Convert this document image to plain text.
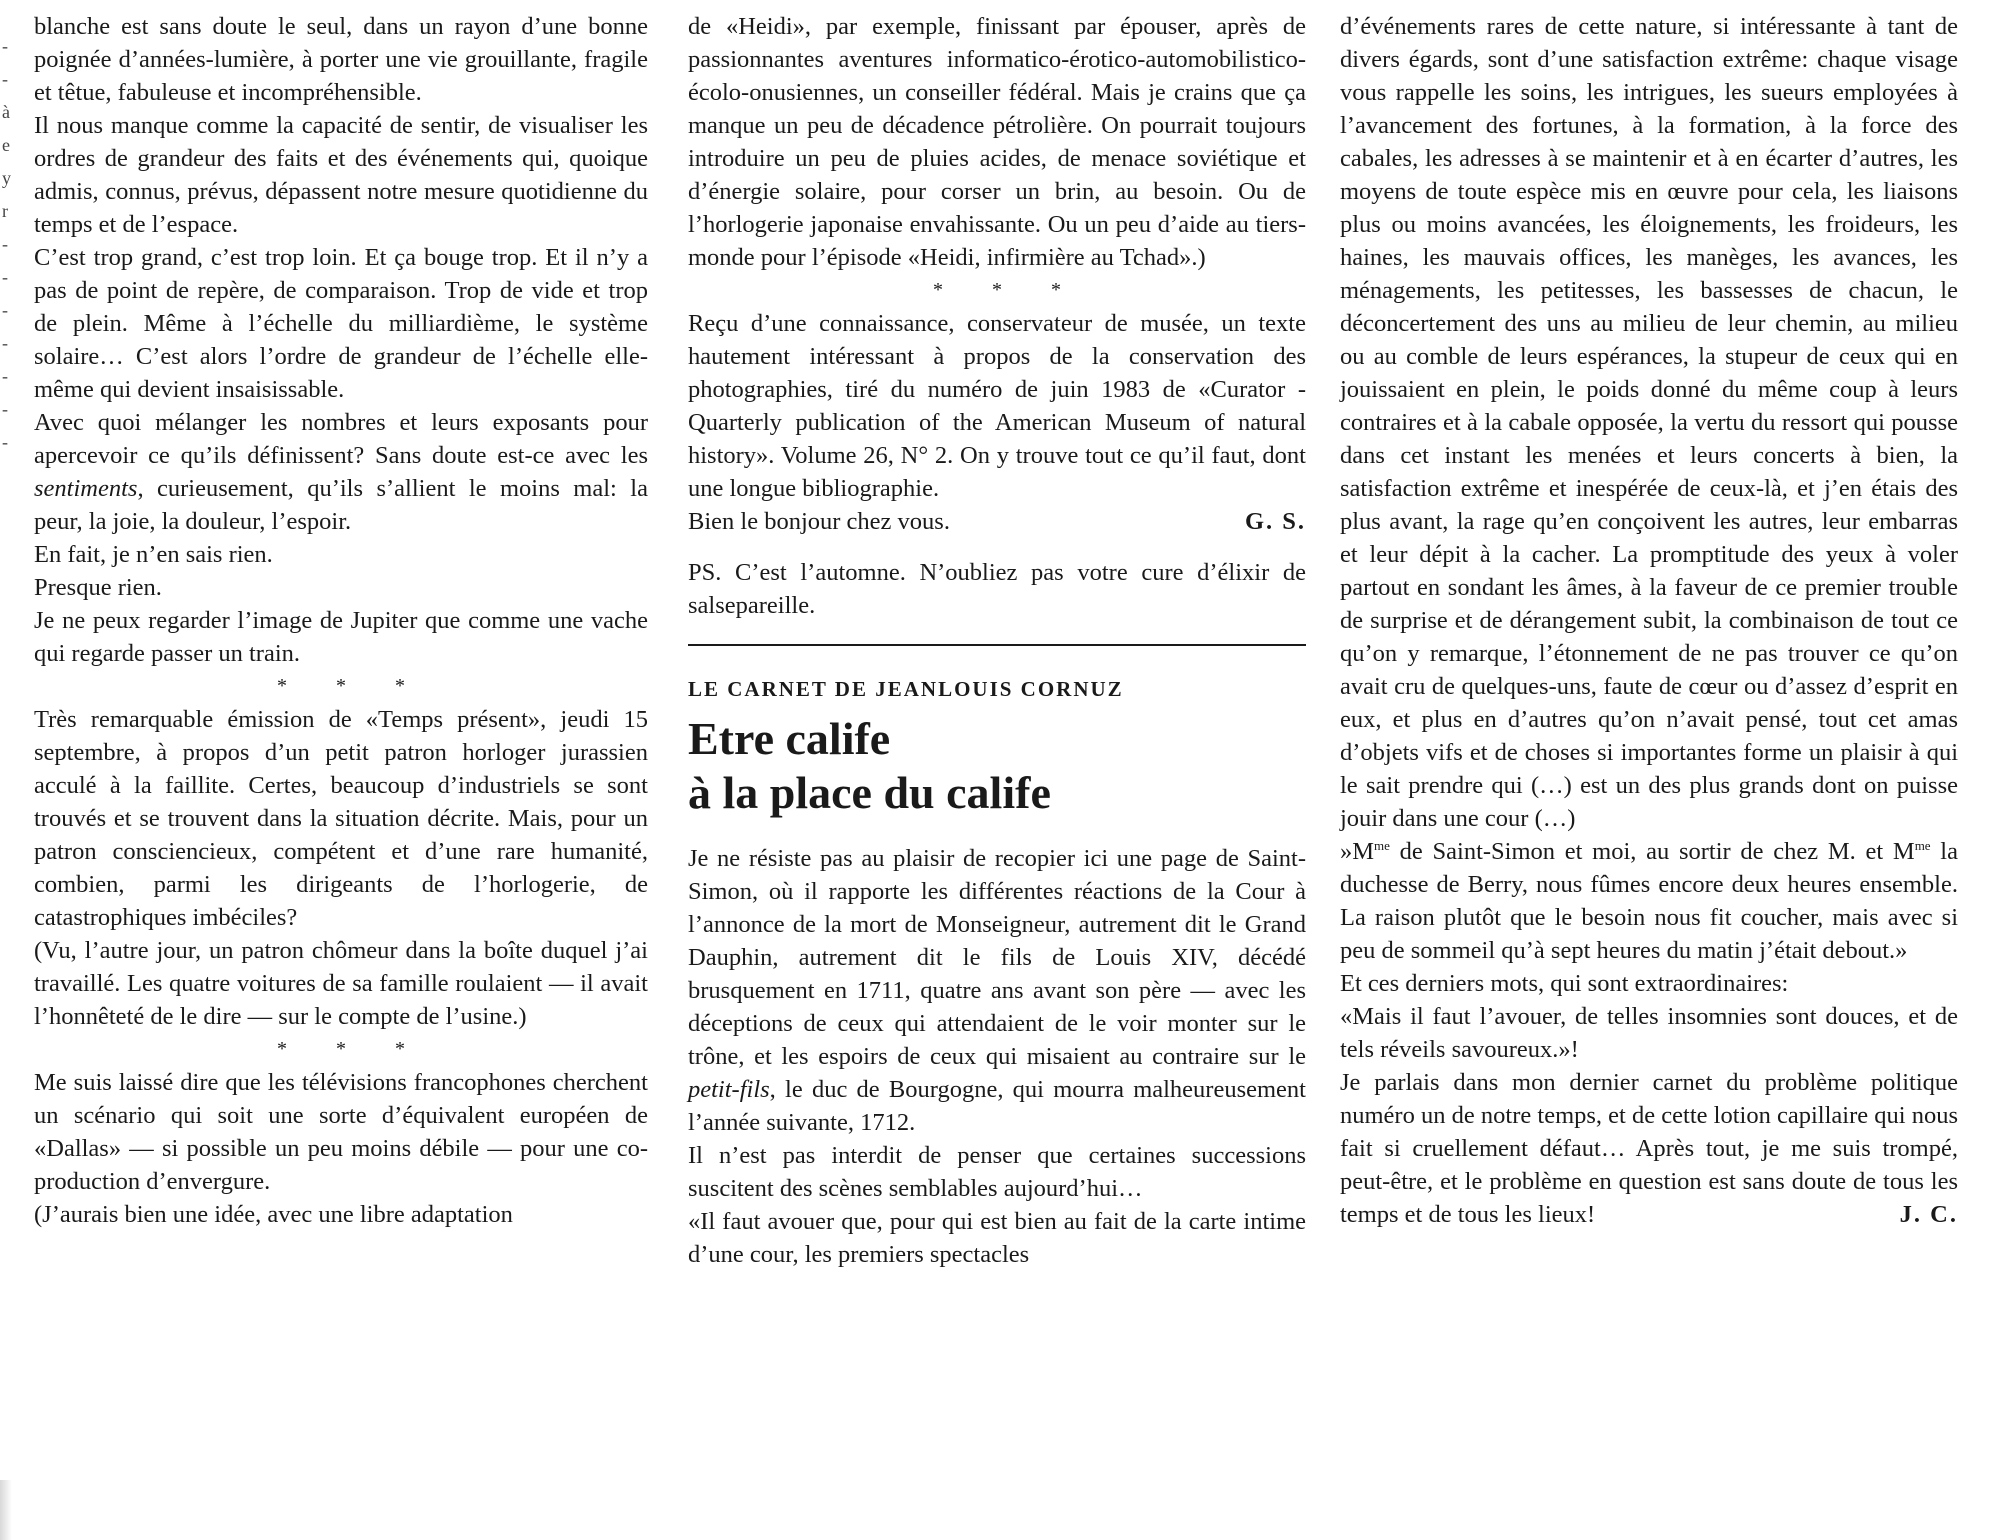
-
-
à
e
y
r
-
-
-
-
-
-
-

blanche est sans doute le seul, dans un rayon d’une bonne poignée d’années-lumière, à porter une vie grouillante, fragile et têtue, fabuleuse et incompréhensible.

Il nous manque comme la capacité de sentir, de visualiser les ordres de grandeur des faits et des événements qui, quoique admis, connus, prévus, dépassent notre mesure quotidienne du temps et de l’espace.

C’est trop grand, c’est trop loin. Et ça bouge trop. Et il n’y a pas de point de repère, de comparaison. Trop de vide et trop de plein. Même à l’échelle du milliardième, le système solaire… C’est alors l’ordre de grandeur de l’échelle elle-même qui devient insaisissable.

Avec quoi mélanger les nombres et leurs exposants pour apercevoir ce qu’ils définissent? Sans doute est-ce avec les sentiments, curieusement, qu’ils s’allient le moins mal: la peur, la joie, la douleur, l’espoir.

En fait, je n’en sais rien.

Presque rien.

Je ne peux regarder l’image de Jupiter que comme une vache qui regarde passer un train.

* * *

Très remarquable émission de «Temps présent», jeudi 15 septembre, à propos d’un petit patron horloger jurassien acculé à la faillite. Certes, beaucoup d’industriels se sont trouvés et se trouvent dans la situation décrite. Mais, pour un patron consciencieux, compétent et d’une rare humanité, combien, parmi les dirigeants de l’horlogerie, de catastrophiques imbéciles?

(Vu, l’autre jour, un patron chômeur dans la boîte duquel j’ai travaillé. Les quatre voitures de sa famille roulaient — il avait l’honnêteté de le dire — sur le compte de l’usine.)

* * *

Me suis laissé dire que les télévisions francophones cherchent un scénario qui soit une sorte d’équivalent européen de «Dallas» — si possible un peu moins débile — pour une co-production d’envergure.

(J’aurais bien une idée, avec une libre adaptation

de «Heidi», par exemple, finissant par épouser, après de passionnantes aventures informatico-érotico-automobilistico-écolo-onusiennes, un conseiller fédéral. Mais je crains que ça manque un peu de décadence pétrolière. On pourrait toujours introduire un peu de pluies acides, de menace soviétique et d’énergie solaire, pour corser un brin, au besoin. Ou de l’horlogerie japonaise envahissante. Ou un peu d’aide au tiers-monde pour l’épisode «Heidi, infirmière au Tchad».)

* * *

Reçu d’une connaissance, conservateur de musée, un texte hautement intéressant à propos de la conservation des photographies, tiré du numéro de juin 1983 de «Curator - Quarterly publication of the American Museum of natural history». Volume 26, N° 2. On y trouve tout ce qu’il faut, dont une longue bibliographie.

Bien le bonjour chez vous.	G. S.

PS. C’est l’automne. N’oubliez pas votre cure d’élixir de salsepareille.

LE CARNET DE JEANLOUIS CORNUZ
Etre calife
à la place du calife

Je ne résiste pas au plaisir de recopier ici une page de Saint-Simon, où il rapporte les différentes réactions de la Cour à l’annonce de la mort de Monseigneur, autrement dit le Grand Dauphin, autrement dit le fils de Louis XIV, décédé brusquement en 1711, quatre ans avant son père — avec les déceptions de ceux qui attendaient de le voir monter sur le trône, et les espoirs de ceux qui misaient au contraire sur le petit-fils, le duc de Bourgogne, qui mourra malheureusement l’année suivante, 1712.

Il n’est pas interdit de penser que certaines successions suscitent des scènes semblables aujourd’hui…

«Il faut avouer que, pour qui est bien au fait de la carte intime d’une cour, les premiers spectacles

d’événements rares de cette nature, si intéressante à tant de divers égards, sont d’une satisfaction extrême: chaque visage vous rappelle les soins, les intrigues, les sueurs employées à l’avancement des fortunes, à la formation, à la force des cabales, les adresses à se maintenir et à en écarter d’autres, les moyens de toute espèce mis en œuvre pour cela, les liaisons plus ou moins avancées, les éloignements, les froideurs, les haines, les mauvais offices, les manèges, les avances, les ménagements, les petitesses, les bassesses de chacun, le déconcertement des uns au milieu de leur chemin, au milieu ou au comble de leurs espérances, la stupeur de ceux qui en jouissaient en plein, le poids donné du même coup à leurs contraires et à la cabale opposée, la vertu du ressort qui pousse dans cet instant les menées et leurs concerts à bien, la satisfaction extrême et inespérée de ceux-là, et j’en étais des plus avant, la rage qu’en conçoivent les autres, leur embarras et leur dépit à la cacher. La promptitude des yeux à voler partout en sondant les âmes, à la faveur de ce premier trouble de surprise et de dérangement subit, la combinaison de tout ce qu’on y remarque, l’étonnement de ne pas trouver ce qu’on avait cru de quelques-uns, faute de cœur ou d’assez d’esprit en eux, et plus en d’autres qu’on n’avait pensé, tout cet amas d’objets vifs et de choses si importantes forme un plaisir à qui le sait prendre qui (…) est un des plus grands dont on puisse jouir dans une cour (…)

$»M^{me}$ de Saint-Simon et moi, au sortir de chez M. et $M^{me}$ la duchesse de Berry, nous fûmes encore deux heures ensemble. La raison plutôt que le besoin nous fit coucher, mais avec si peu de sommeil qu’à sept heures du matin j’était debout.»

Et ces derniers mots, qui sont extraordinaires:

«Mais il faut l’avouer, de telles insomnies sont douces, et de tels réveils savoureux.»!

Je parlais dans mon dernier carnet du problème politique numéro un de notre temps, et de cette lotion capillaire qui nous fait si cruellement défaut… Après tout, je me suis trompé, peut-être, et le problème en question est sans doute de tous les temps et de tous les lieux!	J. C.
